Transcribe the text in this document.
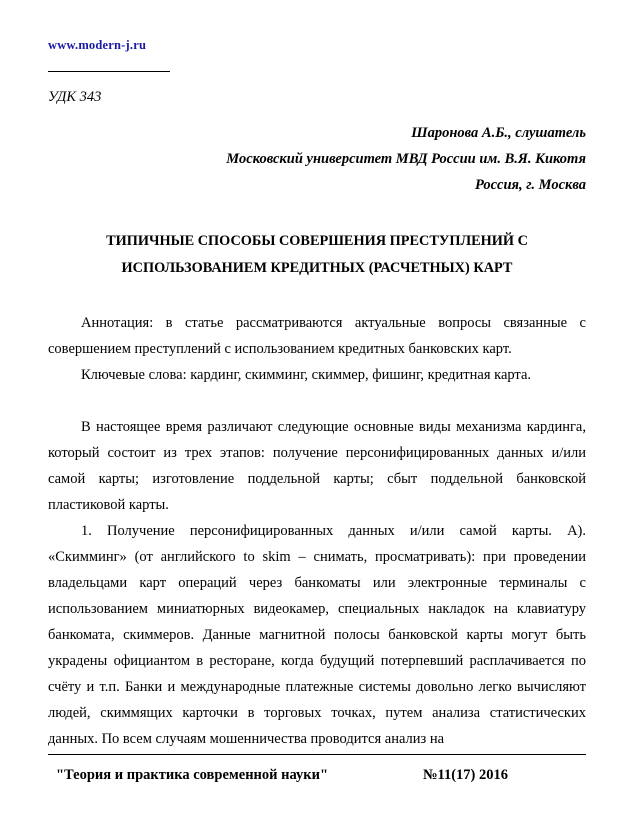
www.modern-j.ru
УДК 343
Шаронова А.Б., слушатель
Московский университет МВД России им. В.Я. Кикотя
Россия, г. Москва
ТИПИЧНЫЕ СПОСОБЫ СОВЕРШЕНИЯ ПРЕСТУПЛЕНИЙ С
ИСПОЛЬЗОВАНИЕМ КРЕДИТНЫХ (РАСЧЕТНЫХ) КАРТ

Аннотация: в статье рассматриваются актуальные вопросы связанные с совершением преступлений с использованием кредитных банковских карт.

Ключевые слова: кардинг, скимминг, скиммер, фишинг, кредитная карта.

В настоящее время различают следующие основные виды механизма кардинга, который состоит из трех этапов: получение персонифицированных данных и/или самой карты; изготовление поддельной карты; сбыт поддельной банковской пластиковой карты.

1. Получение персонифицированных данных и/или самой карты. А). «Скимминг» (от английского to skim – снимать, просматривать): при проведении владельцами карт операций через банкоматы или электронные терминалы с использованием миниатюрных видеокамер, специальных накладок на клавиатуру банкомата, скиммеров. Данные магнитной полосы банковской карты могут быть украдены официантом в ресторане, когда будущий потерпевший расплачивается по счёту и т.п. Банки и международные платежные системы довольно легко вычисляют людей, скиммящих карточки в торговых точках, путем анализа статистических данных. По всем случаям мошенничества проводится анализ на

"Теория и практика современной науки"	№11(17) 2016
